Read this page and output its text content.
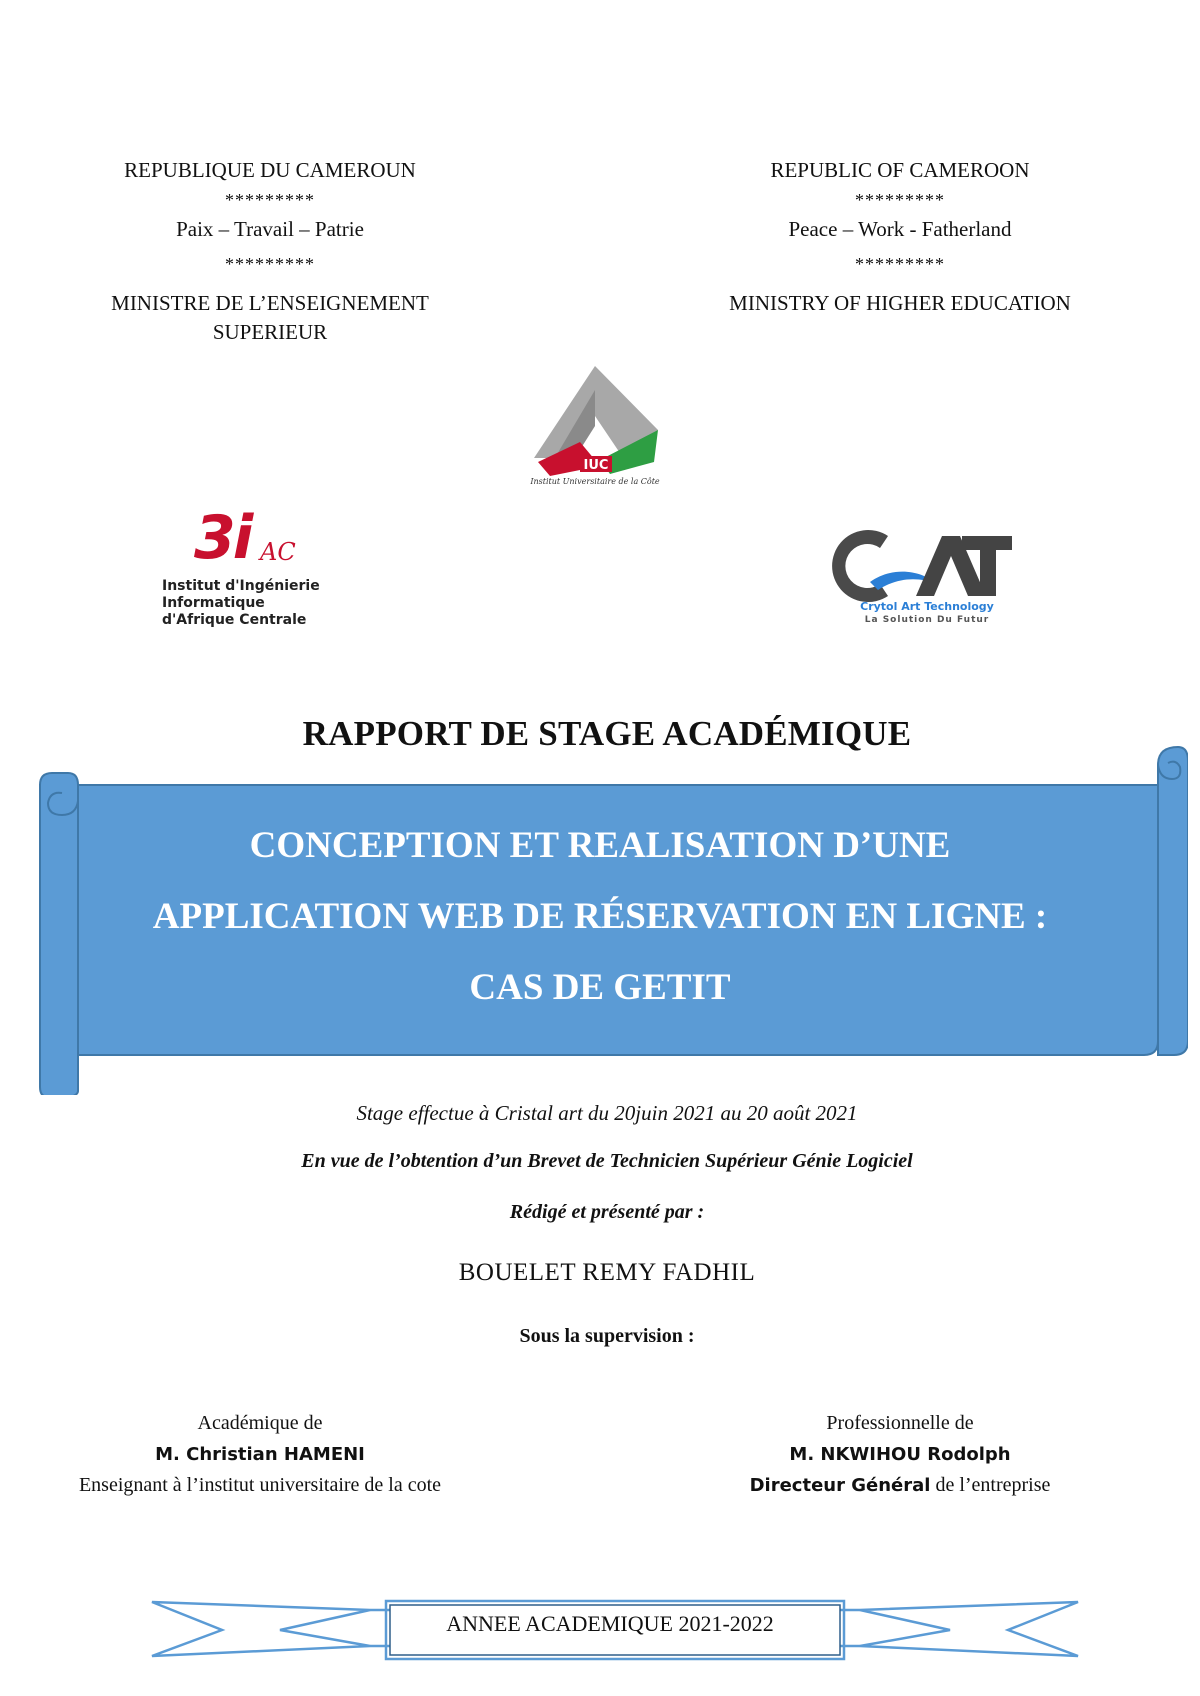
REPUBLIQUE DU CAMEROUN
*********
Paix – Travail – Patrie
*********
MINISTRE DE L’ENSEIGNEMENT
SUPERIEUR
REPUBLIC OF CAMEROON
*********
Peace – Work - Fatherland
*********
MINISTRY OF HIGHER EDUCATION
IUC
Institut Universitaire de la Côte
3i AC
Institut d'Ingénierie
Informatique
d'Afrique Centrale
Crytol Art Technology
La Solution Du Futur
RAPPORT DE STAGE ACADÉMIQUE
CONCEPTION ET REALISATION D’UNE
APPLICATION WEB DE RÉSERVATION EN LIGNE :
CAS DE GETIT
Stage effectue à Cristal art du 20juin 2021 au 20 août 2021
En vue de l’obtention d’un Brevet de Technicien Supérieur Génie Logiciel
Rédigé et présenté par :
BOUELET REMY FADHIL
Sous la supervision :
Académique de
M. Christian HAMENI
Enseignant à l’institut universitaire de la cote
Professionnelle de
M. NKWIHOU Rodolph
Directeur Général de l’entreprise
ANNEE ACADEMIQUE 2021-2022
